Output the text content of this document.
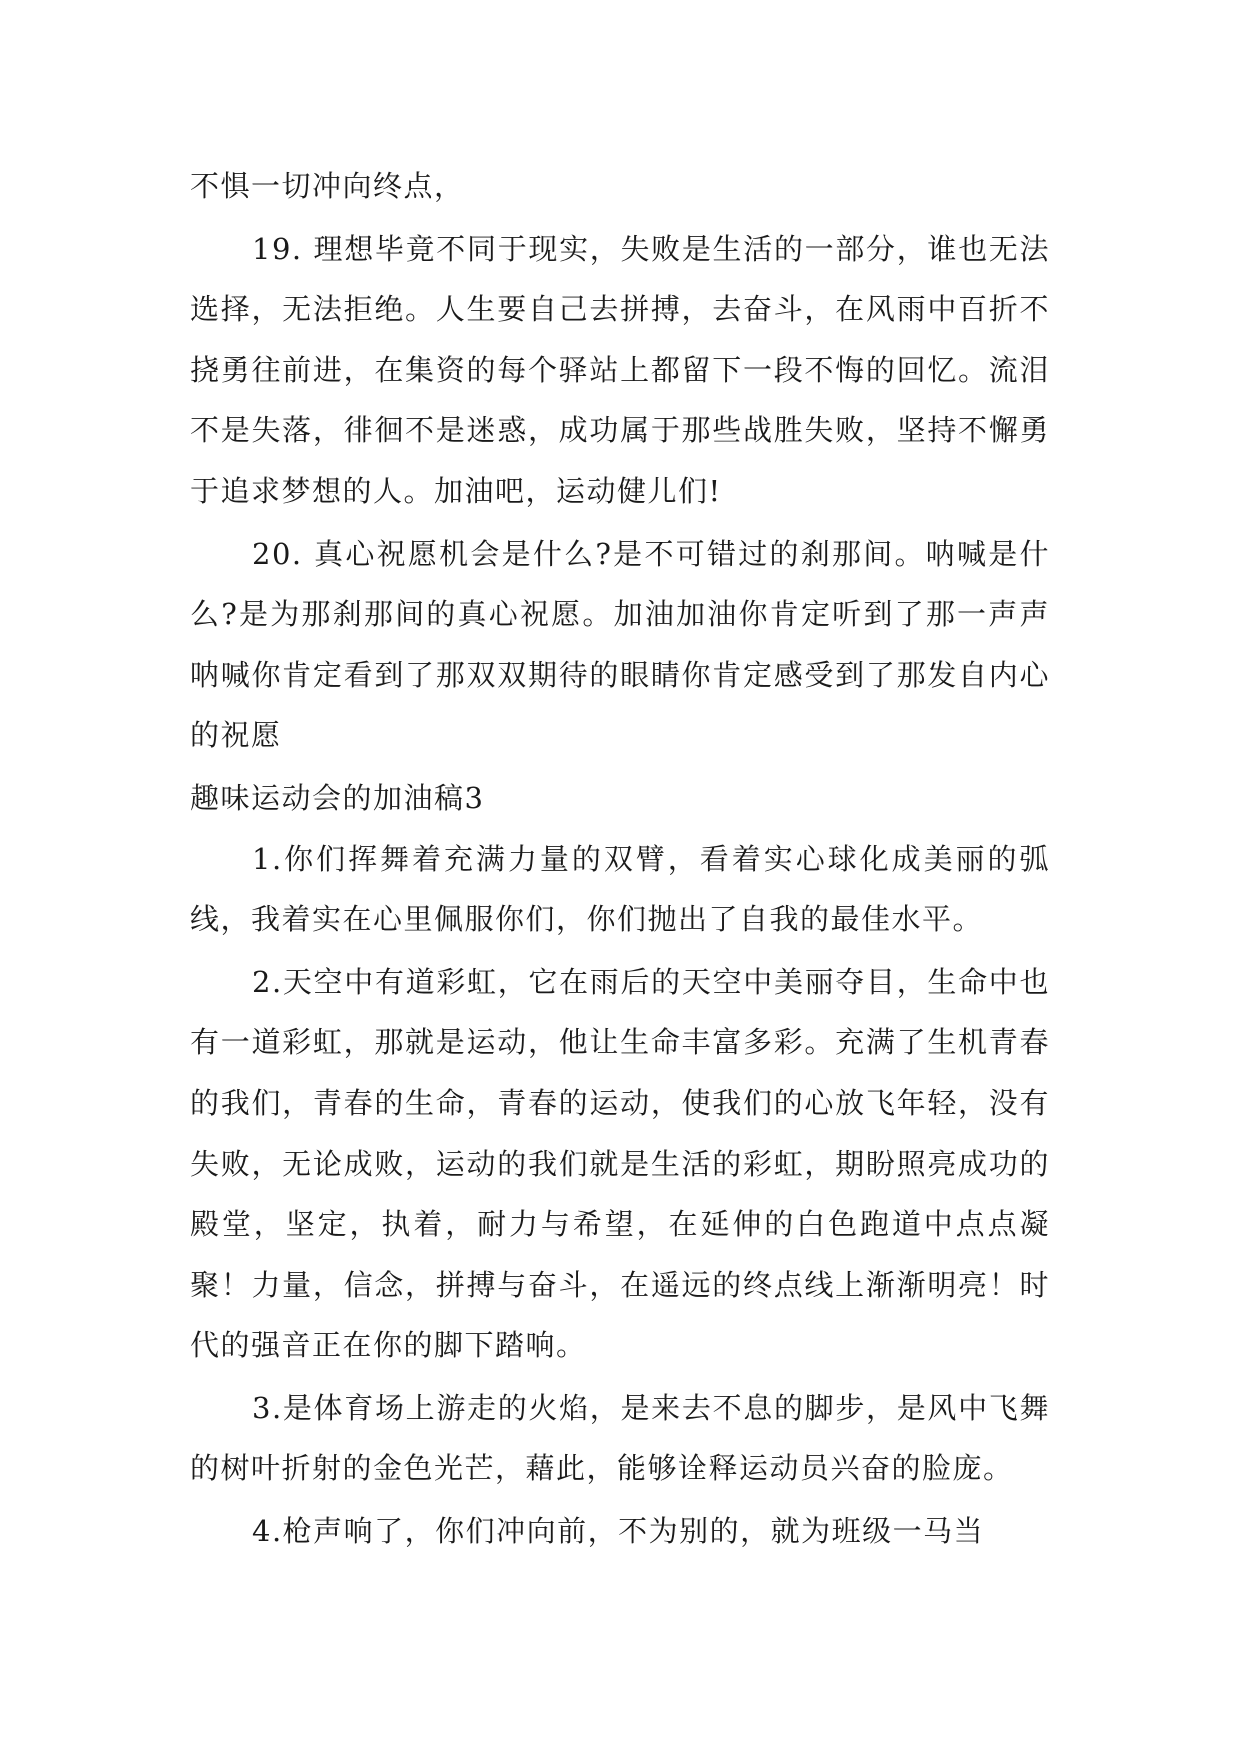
不惧一切冲向终点，

19. 理想毕竟不同于现实，失败是生活的一部分，谁也无法选择，无法拒绝。人生要自己去拼搏，去奋斗，在风雨中百折不挠勇往前进，在集资的每个驿站上都留下一段不悔的回忆。流泪不是失落，徘徊不是迷惑，成功属于那些战胜失败，坚持不懈勇于追求梦想的人。加油吧，运动健儿们!

20. 真心祝愿机会是什么?是不可错过的刹那间。呐喊是什么?是为那刹那间的真心祝愿。加油加油你肯定听到了那一声声呐喊你肯定看到了那双双期待的眼睛你肯定感受到了那发自内心的祝愿

趣味运动会的加油稿3

1.你们挥舞着充满力量的双臂，看着实心球化成美丽的弧线，我着实在心里佩服你们，你们抛出了自我的最佳水平。

2.天空中有道彩虹，它在雨后的天空中美丽夺目，生命中也有一道彩虹，那就是运动，他让生命丰富多彩。充满了生机青春的我们，青春的生命，青春的运动，使我们的心放飞年轻，没有失败，无论成败，运动的我们就是生活的彩虹，期盼照亮成功的殿堂，坚定，执着，耐力与希望，在延伸的白色跑道中点点凝聚！力量，信念，拼搏与奋斗，在遥远的终点线上渐渐明亮！时代的强音正在你的脚下踏响。

3.是体育场上游走的火焰，是来去不息的脚步，是风中飞舞的树叶折射的金色光芒，藉此，能够诠释运动员兴奋的脸庞。

4.枪声响了，你们冲向前，不为别的，就为班级一马当
